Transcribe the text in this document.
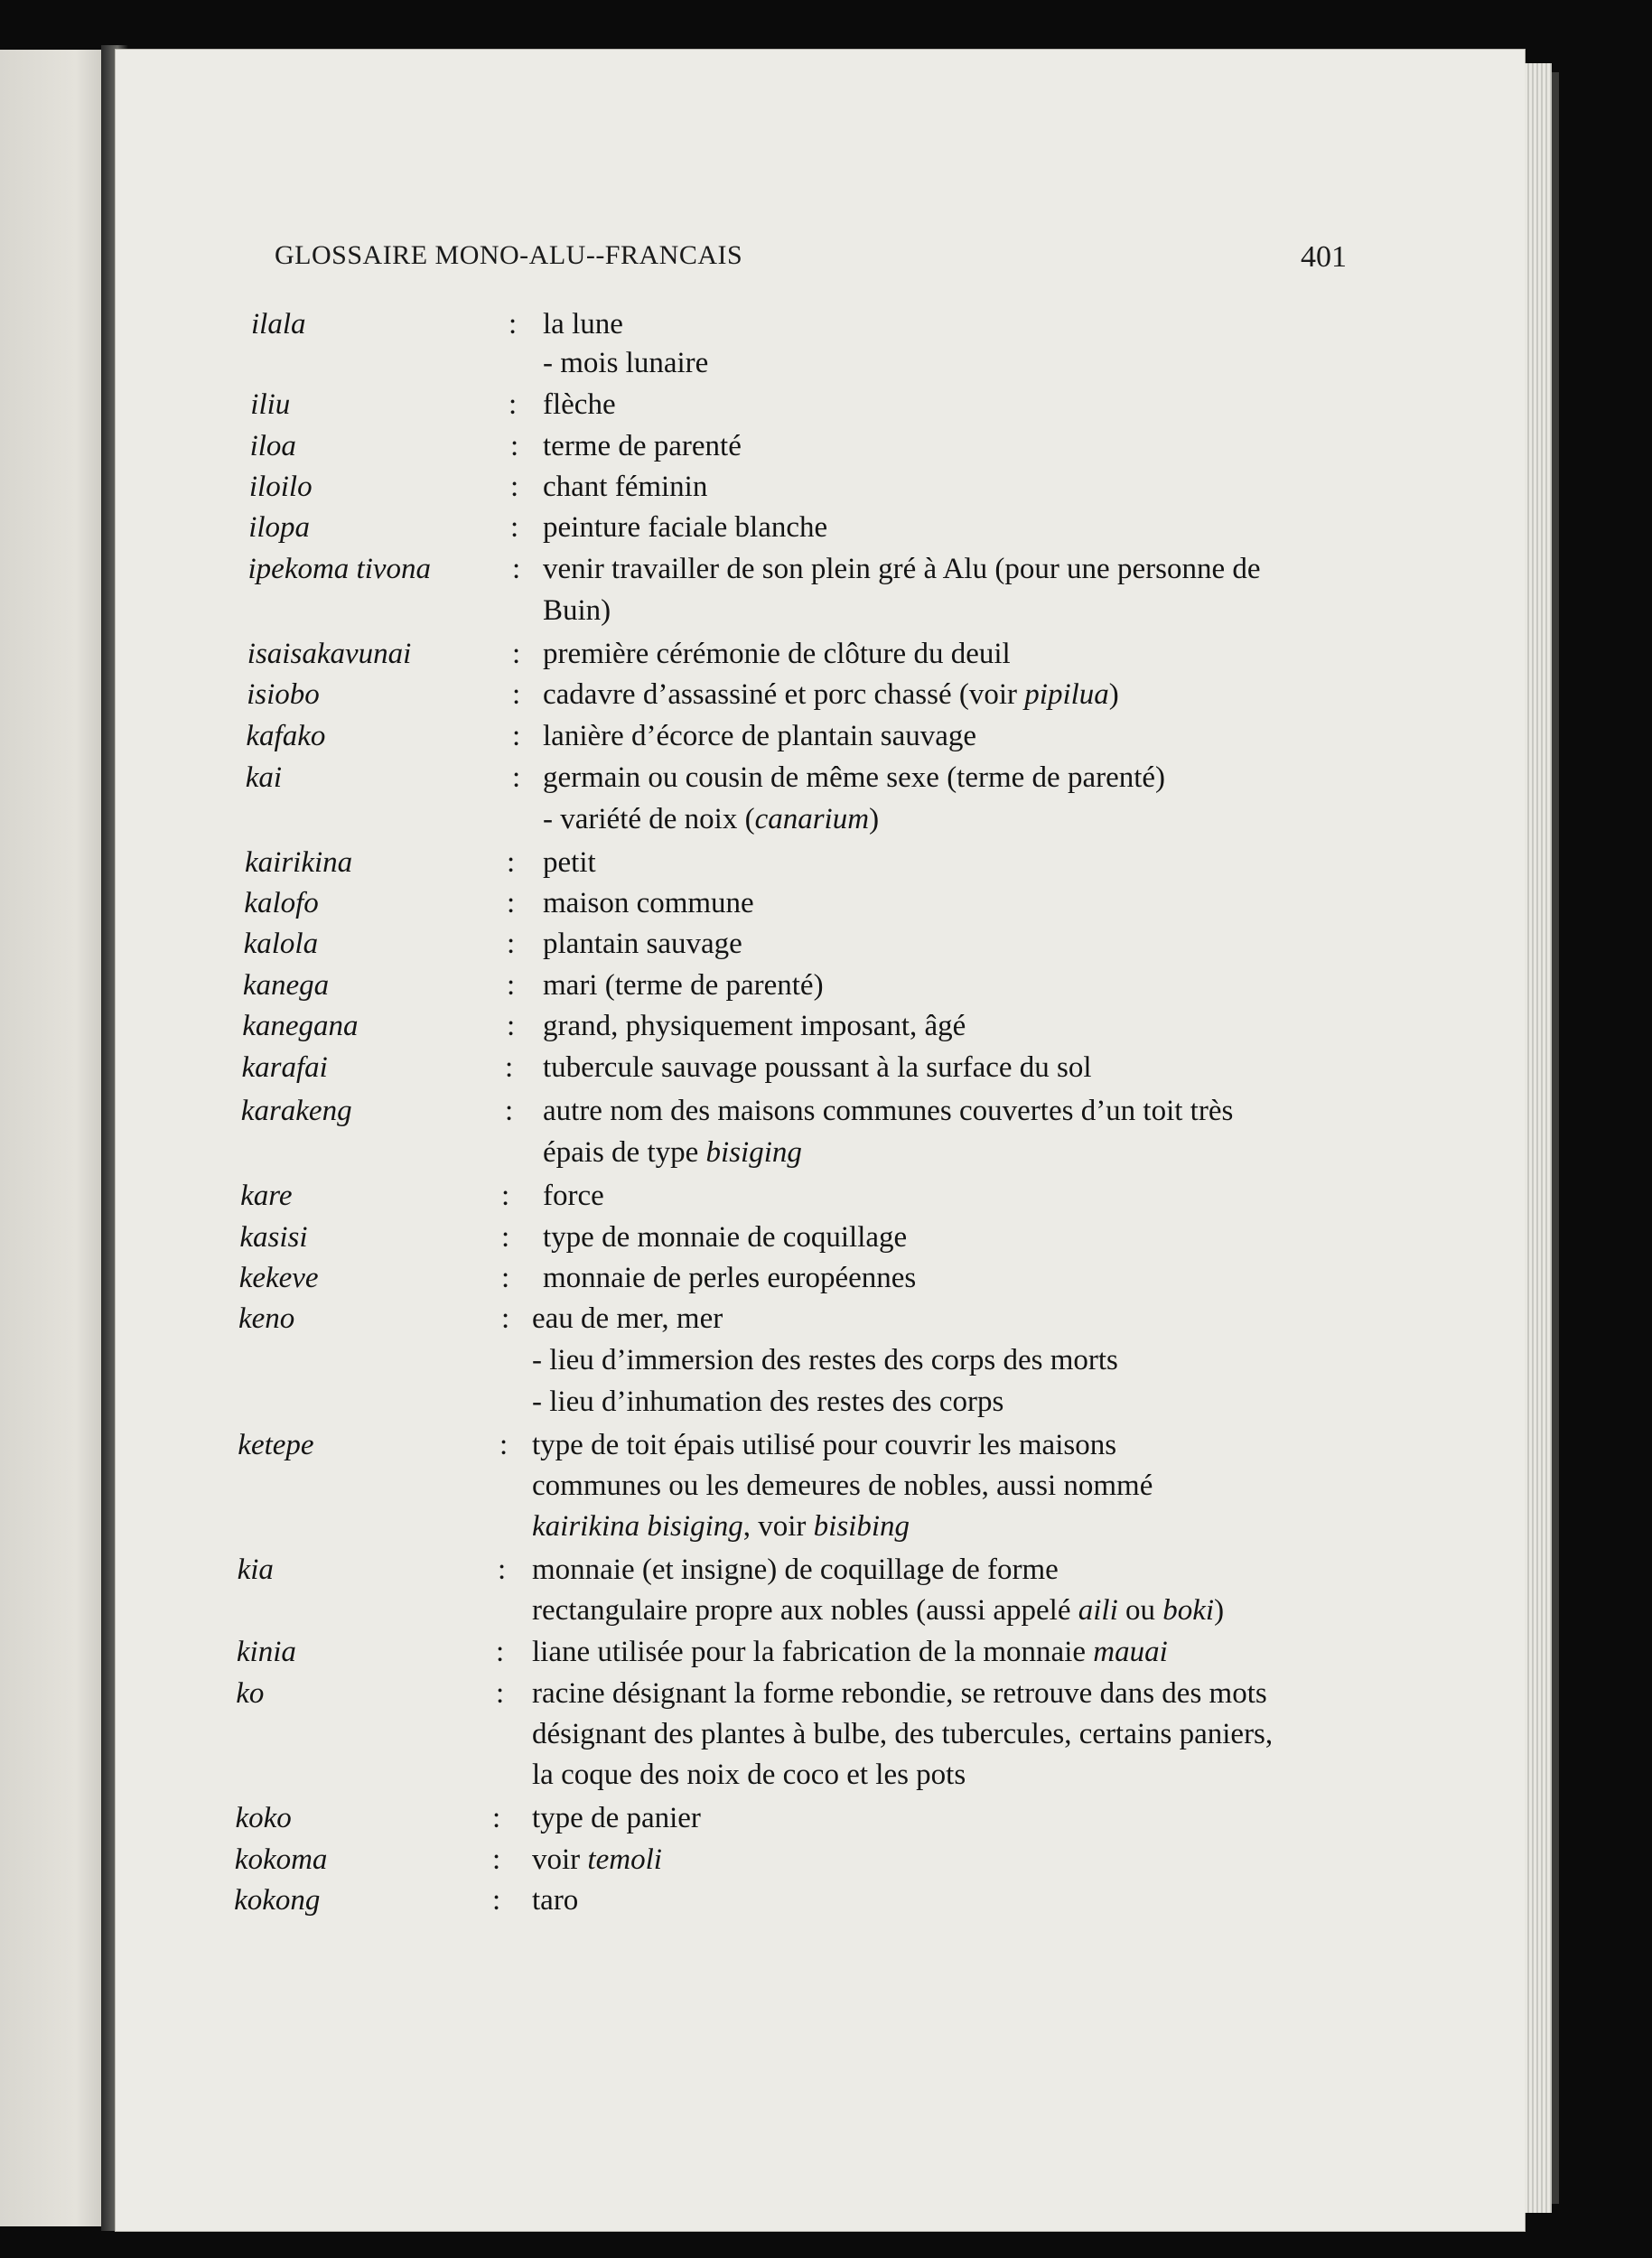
GLOSSAIRE MONO-ALU--FRANCAIS	401
ilala	: la lune
- mois lunaire
iliu	: flèche
iloa	: terme de parenté
iloilo	: chant féminin
ilopa	: peinture faciale blanche
ipekoma tivona	: venir travailler de son plein gré à Alu (pour une personne de
Buin)
isaisakavunai	: première cérémonie de clôture du deuil
isiobo	: cadavre d’assassiné et porc chassé (voir pipilua)
kafako	: lanière d’écorce de plantain sauvage
kai	: germain ou cousin de même sexe (terme de parenté)
- variété de noix (canarium)
kairikina	: petit
kalofo	: maison commune
kalola	: plantain sauvage
kanega	: mari (terme de parenté)
kanegana	: grand, physiquement imposant, âgé
karafai	: tubercule sauvage poussant à la surface du sol
karakeng	: autre nom des maisons communes couvertes d’un toit très
épais de type bisiging
kare	: force
kasisi	: type de monnaie de coquillage
kekeve	: monnaie de perles européennes
keno	: eau de mer, mer
- lieu d’immersion des restes des corps des morts
- lieu d’inhumation des restes des corps
ketepe	: type de toit épais utilisé pour couvrir les maisons
communes ou les demeures de nobles, aussi nommé
kairikina bisiging, voir bisibing
kia	: monnaie (et insigne) de coquillage de forme
rectangulaire propre aux nobles (aussi appelé aili ou boki)
kinia	: liane utilisée pour la fabrication de la monnaie mauai
ko	: racine désignant la forme rebondie, se retrouve dans des mots
désignant des plantes à bulbe, des tubercules, certains paniers,
la coque des noix de coco et les pots
koko	: type de panier
kokoma	: voir temoli
kokong	: taro
